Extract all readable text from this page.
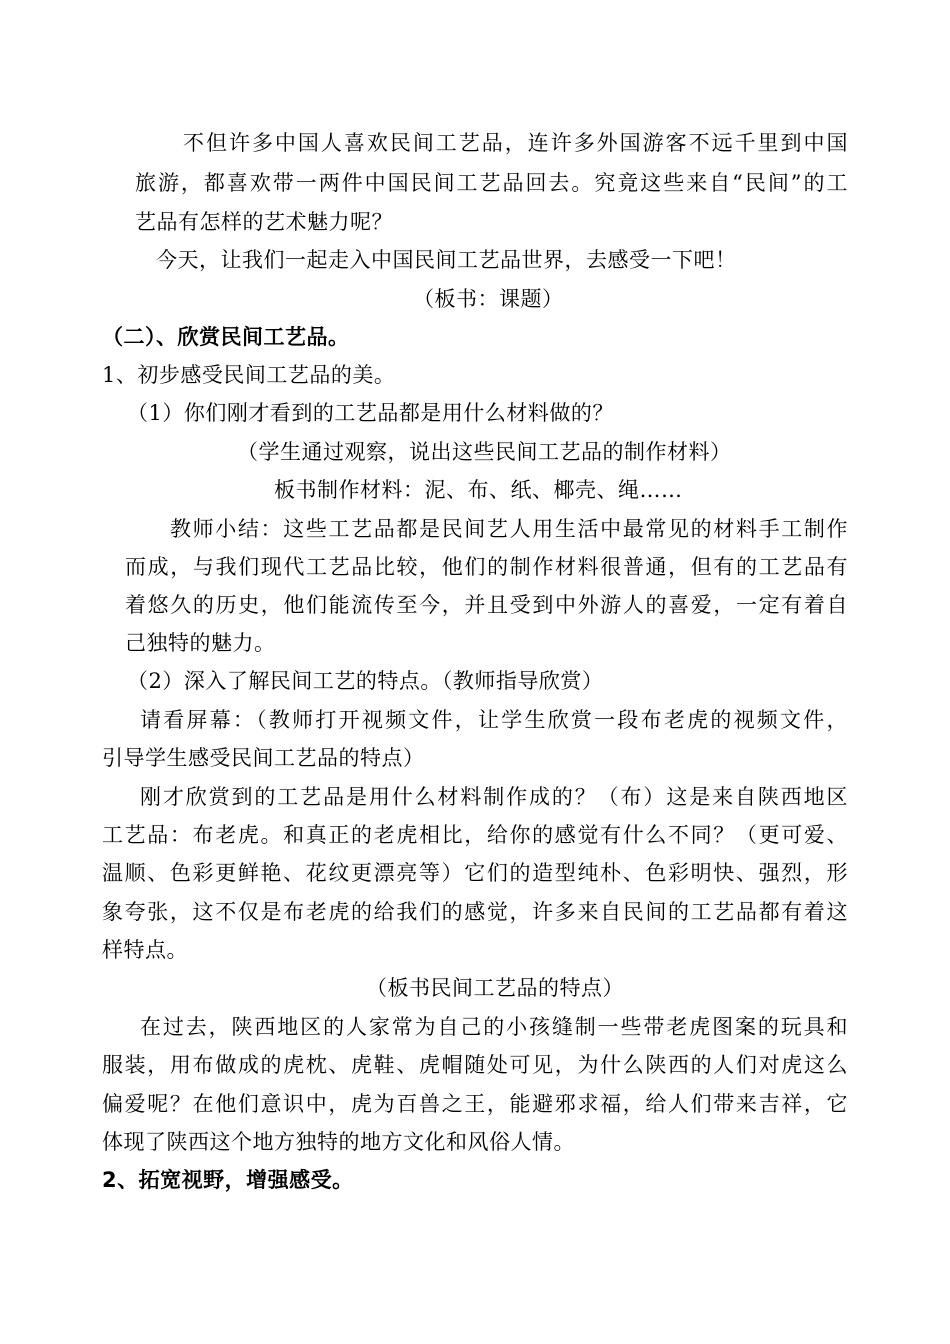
不但许多中国人喜欢民间工艺品，连许多外国游客不远千里到中国
旅游，都喜欢带一两件中国民间工艺品回去。究竟这些来自“民间”的工
艺品有怎样的艺术魅力呢？
今天，让我们一起走入中国民间工艺品世界，去感受一下吧！
（板书：课题）
（二）、欣赏民间工艺品。
1、初步感受民间工艺品的美。
（1）你们刚才看到的工艺品都是用什么材料做的？
（学生通过观察，说出这些民间工艺品的制作材料）
板书制作材料：泥、布、纸、椰壳、绳……
教师小结：这些工艺品都是民间艺人用生活中最常见的材料手工制作
而成，与我们现代工艺品比较，他们的制作材料很普通，但有的工艺品有
着悠久的历史，他们能流传至今，并且受到中外游人的喜爱，一定有着自
己独特的魅力。
（2）深入了解民间工艺的特点。（教师指导欣赏）
请看屏幕：（教师打开视频文件，让学生欣赏一段布老虎的视频文件，
引导学生感受民间工艺品的特点）
刚才欣赏到的工艺品是用什么材料制作成的？（布）这是来自陕西地区
工艺品：布老虎。和真正的老虎相比，给你的感觉有什么不同？（更可爱、
温顺、色彩更鲜艳、花纹更漂亮等）它们的造型纯朴、色彩明快、强烈，形
象夸张，这不仅是布老虎的给我们的感觉，许多来自民间的工艺品都有着这
样特点。
（板书民间工艺品的特点）
在过去，陕西地区的人家常为自己的小孩缝制一些带老虎图案的玩具和
服装，用布做成的虎枕、虎鞋、虎帽随处可见，为什么陕西的人们对虎这么
偏爱呢？在他们意识中，虎为百兽之王，能避邪求福，给人们带来吉祥，它
体现了陕西这个地方独特的地方文化和风俗人情。
2、拓宽视野，增强感受。
